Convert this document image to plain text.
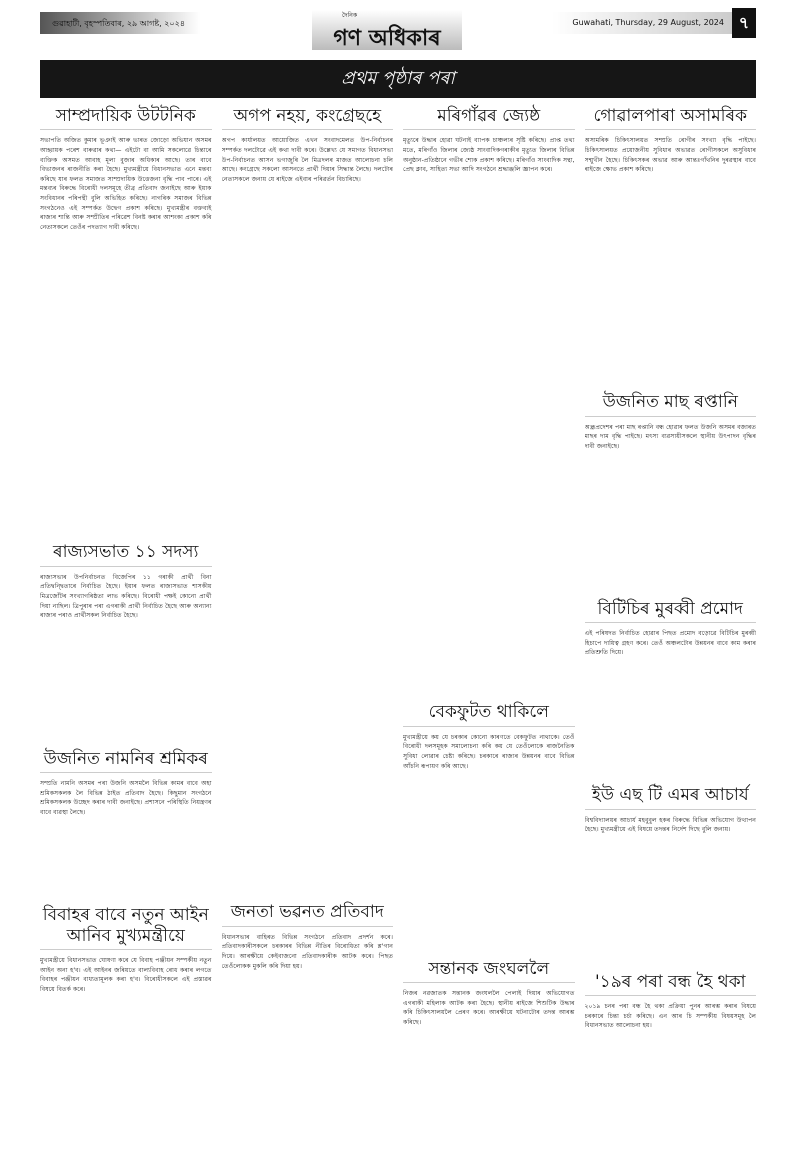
গুৱাহাটী, বৃহস্পতিবাৰ, ২৯ আগষ্ট, ২০২৪
দৈনিক
গণ অধিকাৰ
Guwahati, Thursday, 29 August, 2024 ৭
প্ৰথম পৃষ্ঠাৰ পৰা
সাম্প্ৰদায়িক উটটনিক
সভাপতি অজিত কুমাৰ ভূঞাই আৰু ভাৰত জোড়ো অভিযান অসমৰ আহ্বায়ক পৰেশ বাৰুৱাৰ কথা— এইটো বা আমি সকলোৱে চিন্তাৰে ব্যক্তিক অসমত আবাহ মূল্য বুজাৰ অধিকাৰ আছে। তাৰ বাবে বিভাজনৰ ৰাজনীতি কৰা হৈছে। মুখ্যমন্ত্ৰীয়ে বিধানসভাত এনে মন্তব্য কৰিছে যাৰ ফলত সমাজত সাম্প্ৰদায়িক উত্তেজনা বৃদ্ধি পাব পাৰে। এই মন্তব্যৰ বিৰুদ্ধে বিৰোধী দলসমূহে তীব্ৰ প্ৰতিবাদ জনাইছে আৰু ইয়াক সংবিধানৰ পৰিপন্থী বুলি অভিহিত কৰিছে। নাগৰিক সমাজৰ বিভিন্ন সংগঠনেও এই সম্পৰ্কত উদ্বেগ প্ৰকাশ কৰিছে। মুখ্যমন্ত্ৰীৰ বক্তব্যই ৰাজ্যৰ শান্তি আৰু সম্প্ৰীতিৰ পৰিৱেশ বিনষ্ট কৰাৰ আশংকা প্ৰকাশ কৰি নেতাসকলে তেওঁৰ পদত্যাগ দাবী কৰিছে।
ৰাজ্যসভাত ১১ সদস্য
ৰাজ্যসভাৰ উপনিৰ্বাচনত বিজেপিৰ ১১ গৰাকী প্ৰাৰ্থী বিনা প্ৰতিদ্বন্দ্বিতাৰে নিৰ্বাচিত হৈছে। ইয়াৰ ফলত ৰাজ্যসভাত শাসকীয় মিত্ৰজোঁটৰ সংখ্যাগৰিষ্ঠতা লাভ কৰিছে। বিৰোধী পক্ষই কোনো প্ৰাৰ্থী দিয়া নাছিল। ত্ৰিপুৰাৰ পৰা এগৰাকী প্ৰাৰ্থী নিৰ্বাচিত হৈছে আৰু অন্যান্য ৰাজ্যৰ পৰাও প্ৰাৰ্থীসকল নিৰ্বাচিত হৈছে।
উজনিত নামনিৰ শ্ৰমিকৰ
সম্প্ৰতি নামনি অসমৰ পৰা উজনি অসমলৈ বিভিন্ন কামৰ বাবে অহা শ্ৰমিকসকলক লৈ বিভিন্ন ঠাইত প্ৰতিবাদ হৈছে। কিছুমান সংগঠনে শ্ৰমিকসকলক উচ্ছেদ কৰাৰ দাবী জনাইছে। প্ৰশাসনে পৰিস্থিতি নিয়ন্ত্ৰণৰ বাবে ব্যৱস্থা লৈছে।
বিবাহৰ বাবে নতুন আইন আনিব মুখ্যমন্ত্ৰীয়ে
মুখ্যমন্ত্ৰীয়ে বিধানসভাত ঘোষণা কৰে যে বিবাহ পঞ্জীয়ন সম্পৰ্কীয় নতুন আইন অনা হ'ব। এই আইনৰ জৰিয়তে বাল্যবিবাহ ৰোধ কৰাৰ লগতে বিবাহৰ পঞ্জীয়ন বাধ্যতামূলক কৰা হ'ব। বিৰোধীসকলে এই প্ৰস্তাৱৰ বিষয়ে বিতৰ্ক কৰে।
অগপ নহয়, কংগ্ৰেছহে
অগপ কাৰ্যালয়ত আয়োজিত এখন সংবাদমেলত উপ-নিৰ্বাচনৰ সম্পৰ্কত দলটোৱে এই কথা দাবী কৰে। উল্লেখ্য যে সমাগত বিধানসভা উপ-নিৰ্বাচনত আসন ভগাজুৰি লৈ মিত্ৰদলৰ মাজত আলোচনা চলি আছে। কংগ্ৰেছে সকলো আসনতে প্ৰাৰ্থী দিয়াৰ সিদ্ধান্ত লৈছে। দলটোৰ নেতাসকলে জনায় যে ৰাইজে এইবাৰ পৰিৱৰ্তন বিচাৰিছে।
জনতা ভৱনত প্ৰতিবাদ
বিধানসভাৰ বাহিৰত বিভিন্ন সংগঠনে প্ৰতিবাদ প্ৰদৰ্শন কৰে। প্ৰতিবাদকাৰীসকলে চৰকাৰৰ বিভিন্ন নীতিৰ বিৰোধিতা কৰি শ্ল'গান দিয়ে। আৰক্ষীয়ে কেইবাজনো প্ৰতিবাদকাৰীক আটক কৰে। পিছত তেওঁলোকক মুকলি কৰি দিয়া হয়।
মৰিগাঁৱৰ জ্যেষ্ঠ
মৃত্যুৰে উদ্ধাৰ হোৱা ঘটনাই ব্যাপক চাঞ্চল্যৰ সৃষ্টি কৰিছে। প্ৰাপ্ত তথ্য মতে, মৰিগাঁও জিলাৰ জ্যেষ্ঠ সাংবাদিকগৰাকীৰ মৃত্যুত জিলাৰ বিভিন্ন অনুষ্ঠান-প্ৰতিষ্ঠানে গভীৰ শোক প্ৰকাশ কৰিছে। মৰিগাঁও সাংবাদিক সন্থা, প্ৰেছ ক্লাব, সাহিত্য সভা আদি সংগঠনে শ্ৰদ্ধাঞ্জলি জ্ঞাপন কৰে।
বেকফুটত থাকিলে
মুখ্যমন্ত্ৰীয়ে কয় যে চৰকাৰ কোনো কাৰণতে বেকফুটত নাথাকে। তেওঁ বিৰোধী দলসমূহক সমালোচনা কৰি কয় যে তেওঁলোকে ৰাজনৈতিক সুবিধা লোৱাৰ চেষ্টা কৰিছে। চৰকাৰে ৰাজ্যৰ উন্নয়নৰ বাবে বিভিন্ন আঁচনি ৰূপায়ণ কৰি আছে।
সন্তানক জংঘললৈ
নিজৰ নৱজাতক সন্তানক জংঘললৈ পেলাই দিয়াৰ অভিযোগত এগৰাকী মহিলাক আটক কৰা হৈছে। স্থানীয় ৰাইজে শিশুটিক উদ্ধাৰ কৰি চিকিৎসালয়লৈ প্ৰেৰণ কৰে। আৰক্ষীয়ে ঘটনাটোৰ তদন্ত আৰম্ভ কৰিছে।
গোৱালপাৰা অসামৰিক
অসামৰিক চিকিৎসালয়ত সম্প্ৰতি ৰোগীৰ সংখ্যা বৃদ্ধি পাইছে। চিকিৎসালয়ত প্ৰয়োজনীয় সুবিধাৰ অভাৱত ৰোগীসকলে অসুবিধাৰ সন্মুখীন হৈছে। চিকিৎসকৰ অভাৱ আৰু আন্তঃগাঁথনিৰ দুৰৱস্থাৰ বাবে ৰাইজে ক্ষোভ প্ৰকাশ কৰিছে।
উজনিত মাছ ৰপ্তানি
অন্ধ্ৰপ্ৰদেশৰ পৰা মাছ ৰপ্তানি বন্ধ হোৱাৰ ফলত উজনি অসমৰ বজাৰত মাছৰ দাম বৃদ্ধি পাইছে। মৎস্য ব্যৱসায়ীসকলে স্থানীয় উৎপাদন বৃদ্ধিৰ দাবী জনাইছে।
বিটিচিৰ মুৰব্বী প্ৰমোদ
এই পৰিষদত নিৰ্বাচিত হোৱাৰ পিছত প্ৰমোদ বড়োৱে বিটিচিৰ মুৰব্বী হিচাপে দায়িত্ব গ্ৰহণ কৰে। তেওঁ অঞ্চলটোৰ উন্নয়নৰ বাবে কাম কৰাৰ প্ৰতিশ্ৰুতি দিয়ে।
ইউ এছ টি এমৰ আচাৰ্য
বিশ্ববিদ্যালয়ৰ আচাৰ্য মহবুবুল হকৰ বিৰুদ্ধে বিভিন্ন অভিযোগ উত্থাপন হৈছে। মুখ্যমন্ত্ৰীয়ে এই বিষয়ে তদন্তৰ নিৰ্দেশ দিছে বুলি জনায়।
'১৯ৰ পৰা বন্ধ হৈ থকা
২০১৯ চনৰ পৰা বন্ধ হৈ থকা প্ৰক্ৰিয়া পুনৰ আৰম্ভ কৰাৰ বিষয়ে চৰকাৰে চিন্তা চৰ্চা কৰিছে। এন আৰ চি সম্পৰ্কীয় বিষয়সমূহ লৈ বিধানসভাত আলোচনা হয়।
